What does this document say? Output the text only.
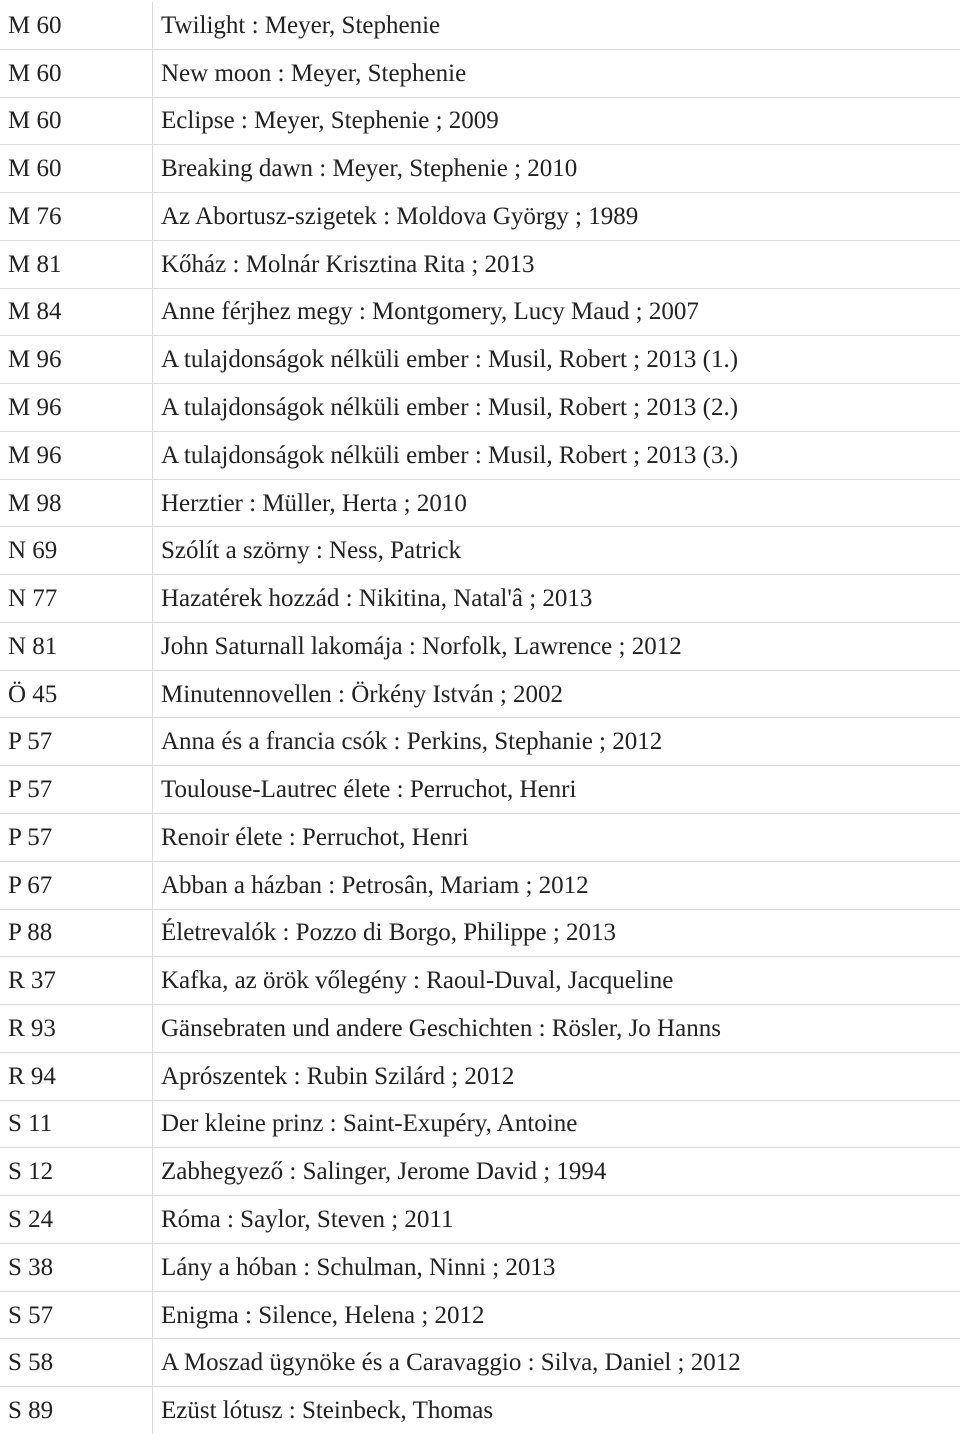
M 60	Twilight : Meyer, Stephenie
M 60	New moon : Meyer, Stephenie
M 60	Eclipse : Meyer, Stephenie ; 2009
M 60	Breaking dawn : Meyer, Stephenie ; 2010
M 76	Az Abortusz-szigetek : Moldova György ; 1989
M 81	Kőház : Molnár Krisztina Rita ; 2013
M 84	Anne férjhez megy : Montgomery, Lucy Maud ; 2007
M 96	A tulajdonságok nélküli ember : Musil, Robert ; 2013 (1.)
M 96	A tulajdonságok nélküli ember : Musil, Robert ; 2013 (2.)
M 96	A tulajdonságok nélküli ember : Musil, Robert ; 2013 (3.)
M 98	Herztier : Müller, Herta ; 2010
N 69	Szólít a szörny : Ness, Patrick
N 77	Hazatérek hozzád : Nikitina, Natal'â ; 2013
N 81	John Saturnall lakomája : Norfolk, Lawrence ; 2012
Ö 45	Minutennovellen : Örkény István ; 2002
P 57	Anna és a francia csók : Perkins, Stephanie ; 2012
P 57	Toulouse-Lautrec élete : Perruchot, Henri
P 57	Renoir élete : Perruchot, Henri
P 67	Abban a házban : Petrosân, Mariam ; 2012
P 88	Életrevalók : Pozzo di Borgo, Philippe ; 2013
R 37	Kafka, az örök vőlegény : Raoul-Duval, Jacqueline
R 93	Gänsebraten und andere Geschichten : Rösler, Jo Hanns
R 94	Aprószentek : Rubin Szilárd ; 2012
S 11	Der kleine prinz : Saint-Exupéry, Antoine
S 12	Zabhegyező : Salinger, Jerome David ; 1994
S 24	Róma : Saylor, Steven ; 2011
S 38	Lány a hóban : Schulman, Ninni ; 2013
S 57	Enigma : Silence, Helena ; 2012
S 58	A Moszad ügynöke és a Caravaggio : Silva, Daniel ; 2012
S 89	Ezüst lótusz : Steinbeck, Thomas
